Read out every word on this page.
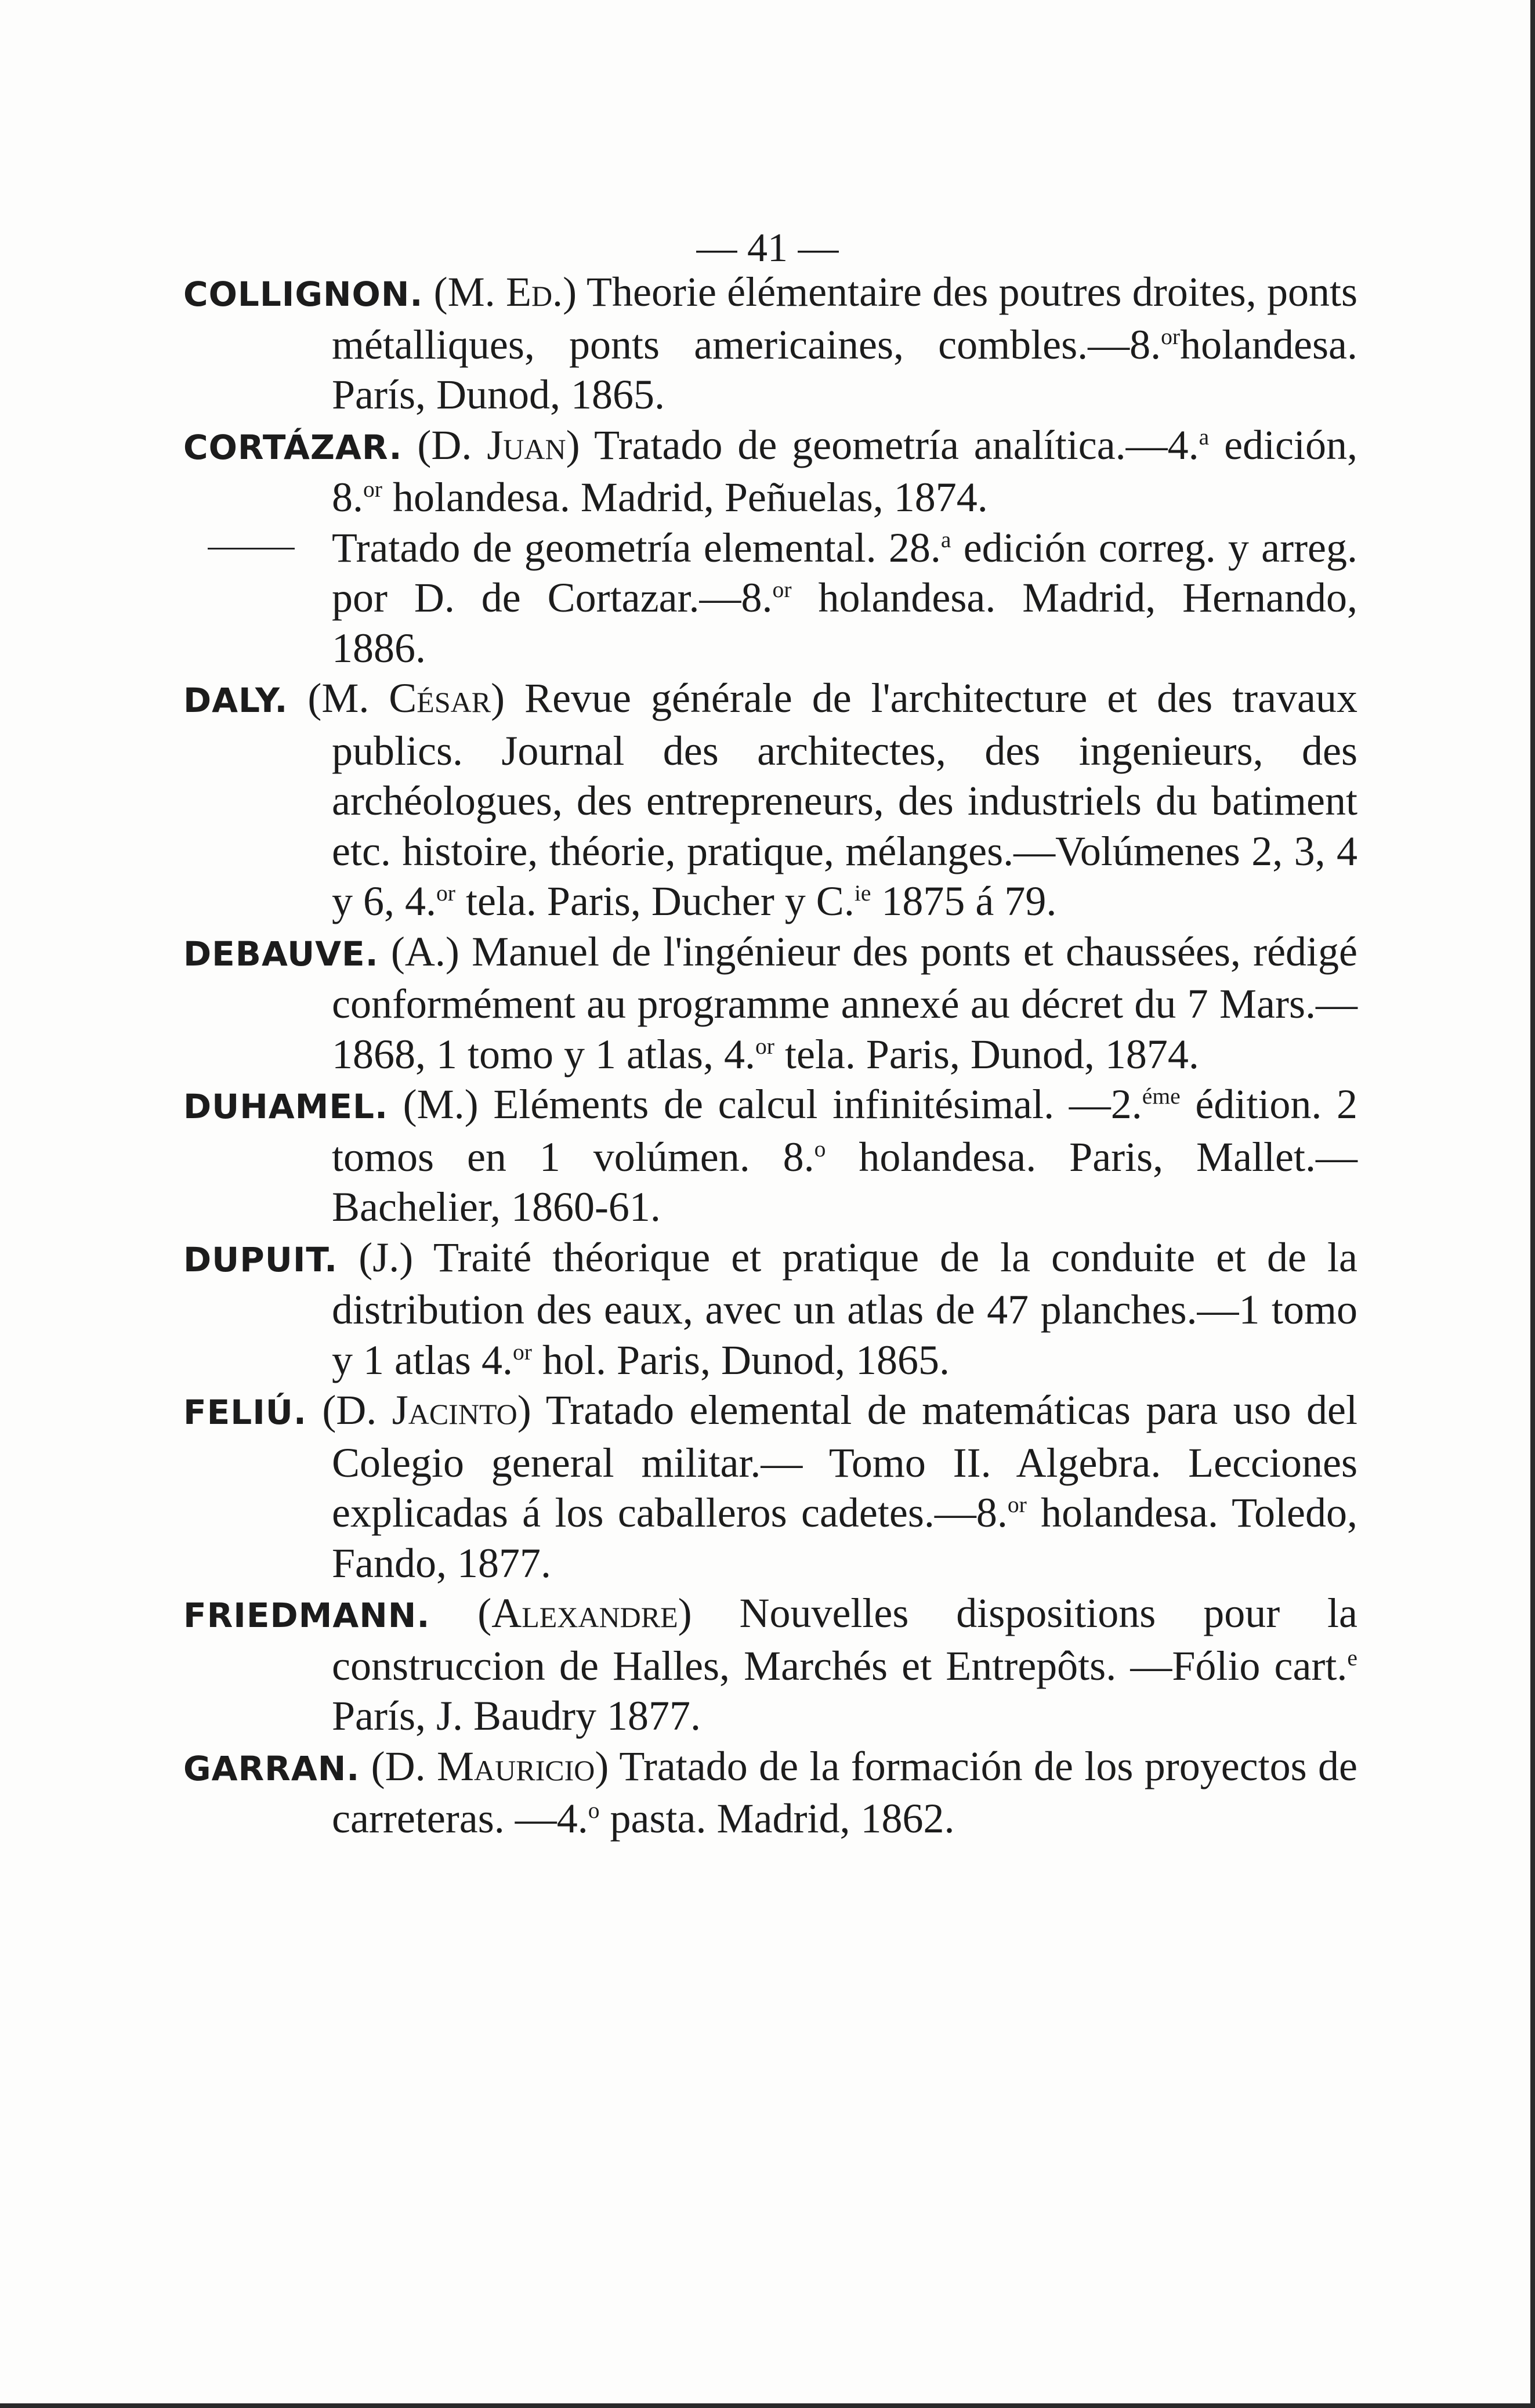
— 41 —

COLLIGNON. (M. Ed.) Theorie élémentaire des poutres droites, ponts métalliques, ponts americaines, combles.—8.$^{or}$holandesa. París, Dunod, 1865.

CORTÁZAR. (D. Juan) Tratado de geometría analítica.—4.$^a$ edición, 8.$^{or}$ holandesa. Madrid, Peñuelas, 1874.

Tratado de geometría elemental. 28.$^a$ edición correg. y arreg. por D. de Cortazar.—8.$^{or}$ holandesa. Madrid, Hernando, 1886.

DALY. (M. César) Revue générale de l'architecture et des travaux publics. Journal des architectes, des ingenieurs, des archéologues, des entrepreneurs, des industriels du batiment etc. histoire, théorie, pratique, mélanges.—Volúmenes 2, 3, 4 y 6, 4.$^{or}$ tela. Paris, Ducher y C.$^{ie}$ 1875 á 79.

DEBAUVE. (A.) Manuel de l'ingénieur des ponts et chaussées, rédigé conformément au programme annexé au décret du 7 Mars.—1868, 1 tomo y 1 atlas, 4.$^{or}$ tela. Paris, Dunod, 1874.

DUHAMEL. (M.) Eléments de calcul infinitésimal. —2.$^{éme}$ édition. 2 tomos en 1 volúmen. 8.$^o$ holandesa. Paris, Mallet.—Bachelier, 1860-61.

DUPUIT. (J.) Traité théorique et pratique de la conduite et de la distribution des eaux, avec un atlas de 47 planches.—1 tomo y 1 atlas 4.$^{or}$ hol. Paris, Dunod, 1865.

FELIÚ. (D. Jacinto) Tratado elemental de matemáticas para uso del Colegio general militar.— Tomo II. Algebra. Lecciones explicadas á los caballeros cadetes.—8.$^{or}$ holandesa. Toledo, Fando, 1877.

FRIEDMANN. (Alexandre) Nouvelles dispositions pour la construccion de Halles, Marchés et Entrepôts. —Fólio cart.$^e$ París, J. Baudry 1877.

GARRAN. (D. Mauricio) Tratado de la formación de los proyectos de carreteras. —4.$^o$ pasta. Madrid, 1862.
